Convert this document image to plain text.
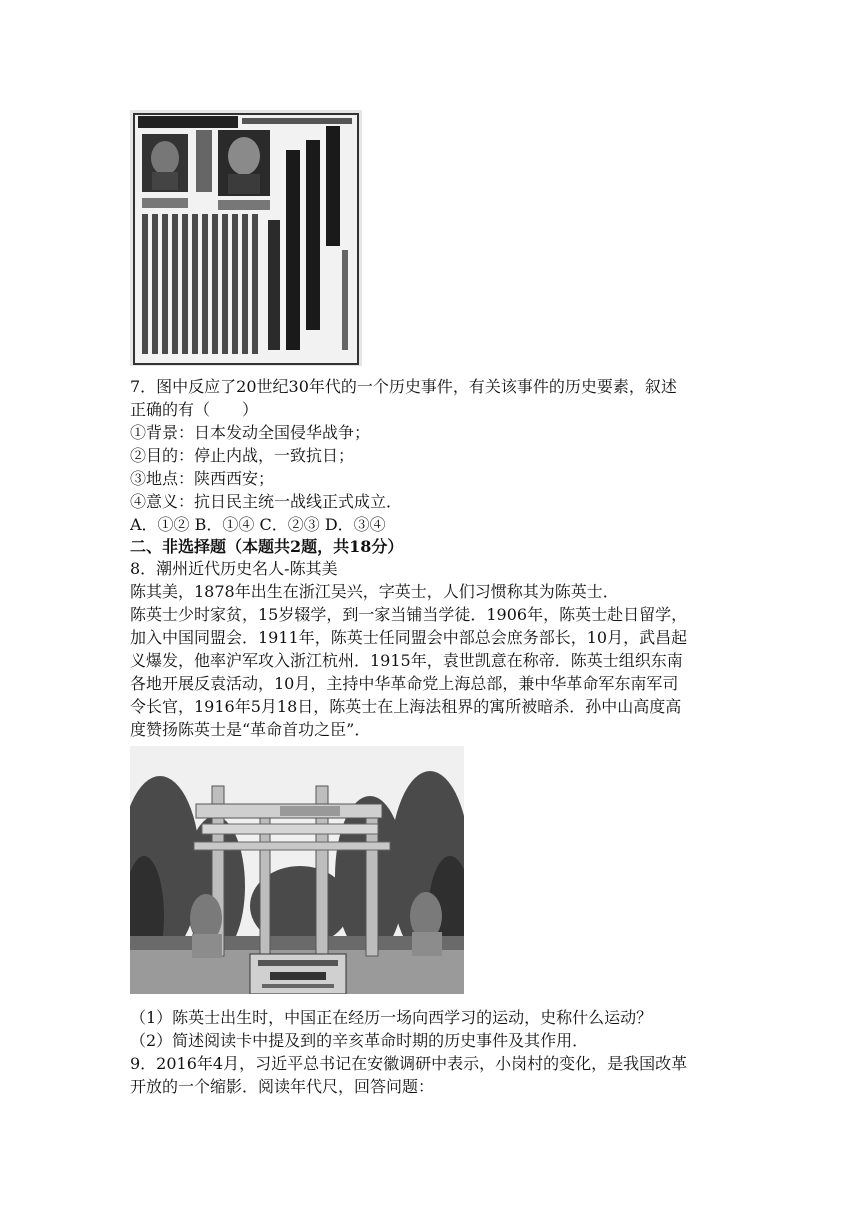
7．图中反应了20世纪30年代的一个历史事件，有关该事件的历史要素，叙述
正确的有（　　）
①背景：日本发动全国侵华战争；
②目的：停止内战，一致抗日；
③地点：陕西西安；
④意义：抗日民主统一战线正式成立．
A．①② B．①④ C．②③ D．③④
二、非选择题（本题共2题，共18分）
8．潮州近代历史名人-陈其美
陈其美，1878年出生在浙江吴兴，字英士，人们习惯称其为陈英士．
陈英士少时家贫，15岁辍学，到一家当铺当学徒．1906年，陈英士赴日留学，
加入中国同盟会．1911年，陈英士任同盟会中部总会庶务部长，10月，武昌起
义爆发，他率沪军攻入浙江杭州．1915年，袁世凯意在称帝．陈英士组织东南
各地开展反袁活动，10月，主持中华革命党上海总部，兼中华革命军东南军司
令长官，1916年5月18日，陈英士在上海法租界的寓所被暗杀．孙中山高度高
度赞扬陈英士是“革命首功之臣”．
（1）陈英士出生时，中国正在经历一场向西学习的运动，史称什么运动？
（2）简述阅读卡中提及到的辛亥革命时期的历史事件及其作用．
9．2016年4月，习近平总书记在安徽调研中表示，小岗村的变化，是我国改革
开放的一个缩影．阅读年代尺，回答问题：
